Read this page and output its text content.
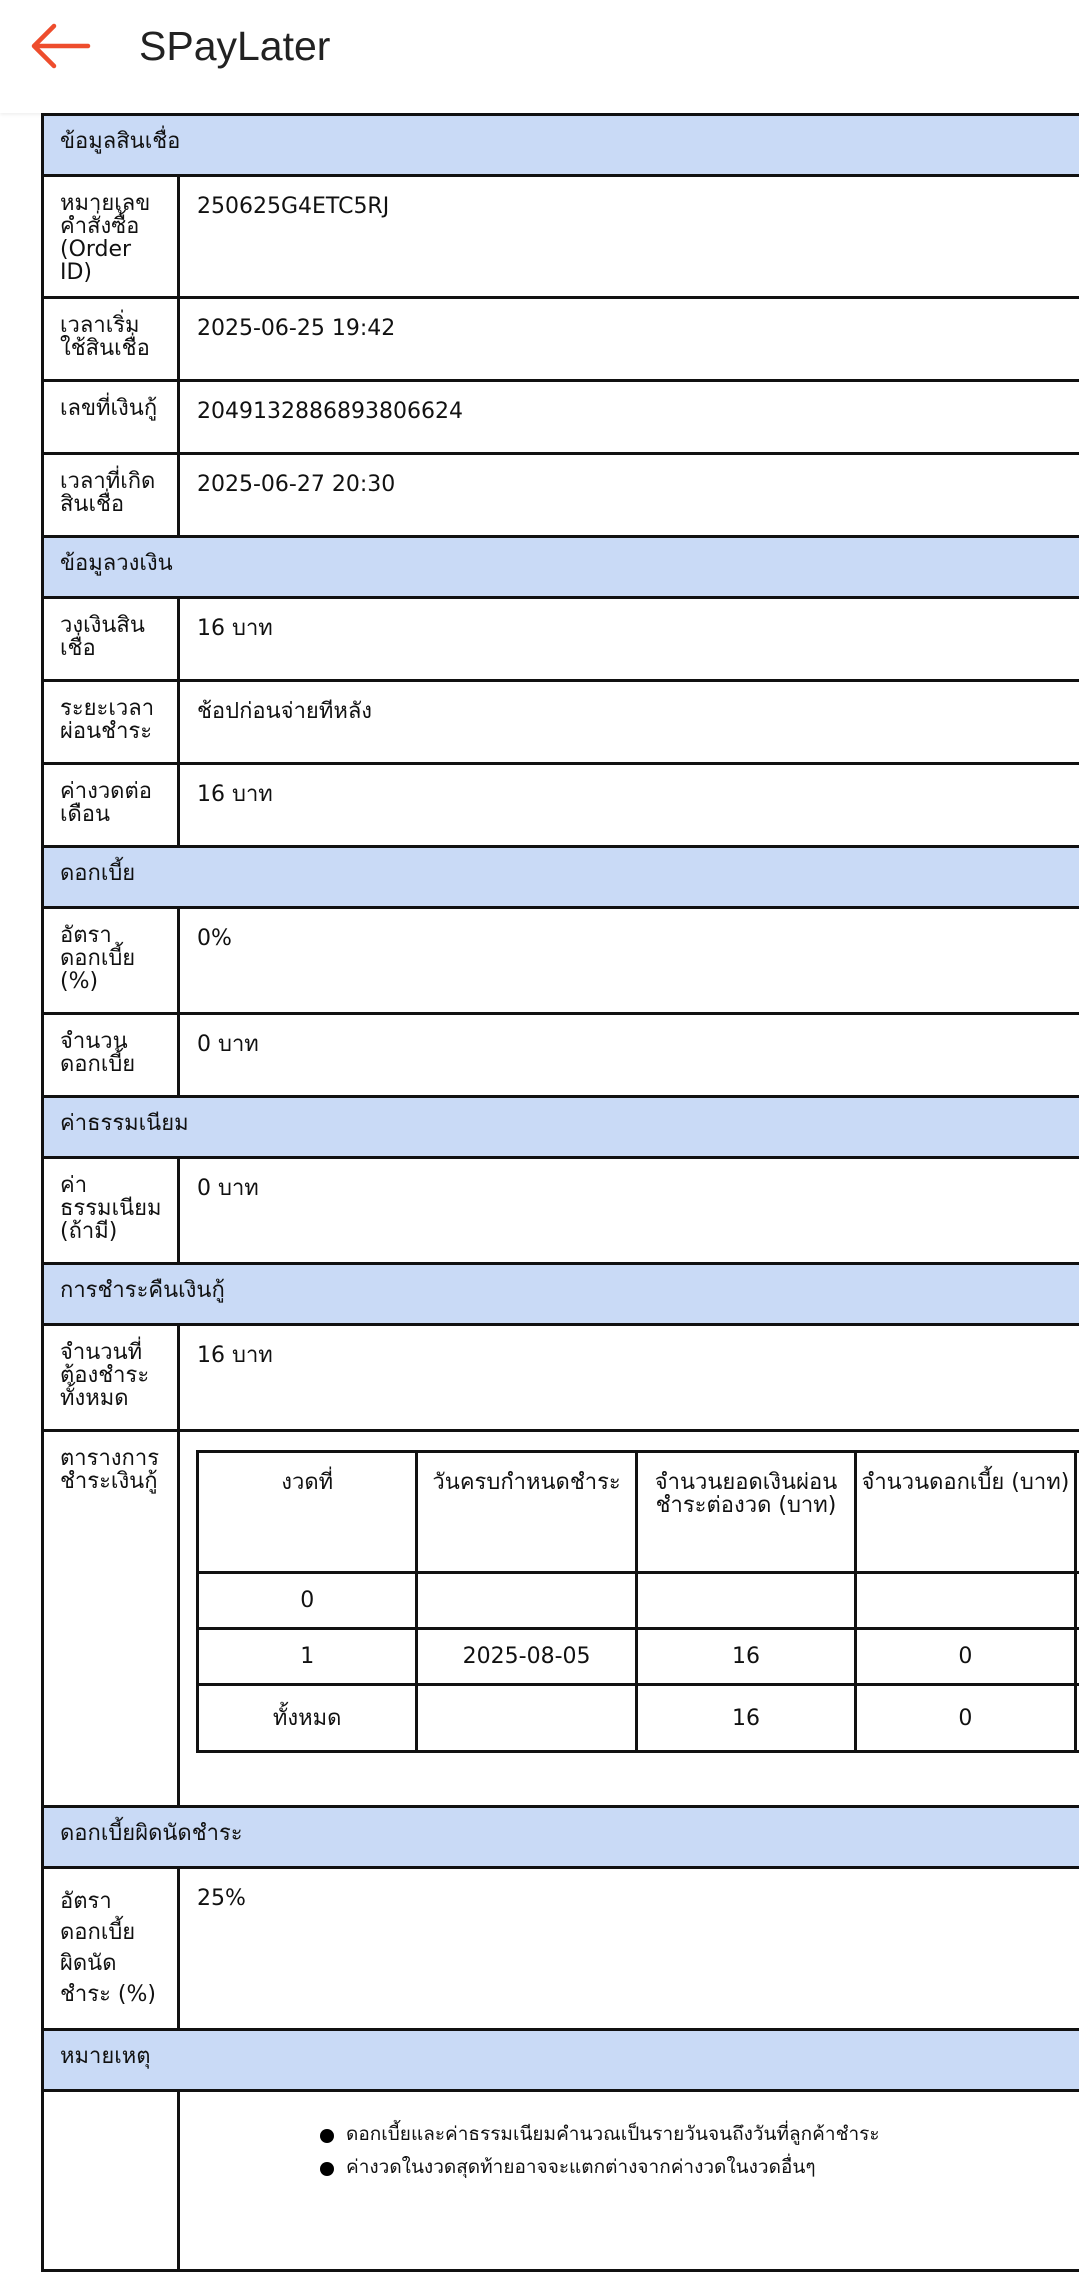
SPayLater
ข้อมูลสินเชื่อ
หมายเลขคำสั่งซื้อ (Order ID)	250625G4ETC5RJ
เวลาเริ่มใช้สินเชื่อ	2025-06-25 19:42
เลขที่เงินกู้	2049132886893806624
เวลาที่เกิดสินเชื่อ	2025-06-27 20:30
ข้อมูลวงเงิน
วงเงินสินเชื่อ	16 บาท
ระยะเวลาผ่อนชำระ	ช้อปก่อนจ่ายทีหลัง
ค่างวดต่อเดือน	16 บาท
ดอกเบี้ย
อัตราดอกเบี้ย (%)	0%
จำนวนดอกเบี้ย	0 บาท
ค่าธรรมเนียม
ค่าธรรมเนียม (ถ้ามี)	0 บาท
การชำระคืนเงินกู้
จำนวนที่ต้องชำระทั้งหมด	16 บาท
ตารางการชำระเงินกู้		งวดที่	วันครบกำหนดชำระ	จำนวนยอดเงินผ่อนชำระต่องวด (บาท)	จำนวนดอกเบี้ย (บาท)	
0				
1	2025-08-05	16	0	
ทั้งหมด		16	0	

ดอกเบี้ยผิดนัดชำระ
อัตราดอกเบี้ยผิดนัดชำระ (%)	25%
หมายเหตุ

ดอกเบี้ยและค่าธรรมเนียมคำนวณเป็นรายวันจนถึงวันที่ลูกค้าชำระ
ค่างวดในงวดสุดท้ายอาจจะแตกต่างจากค่างวดในงวดอื่นๆ
